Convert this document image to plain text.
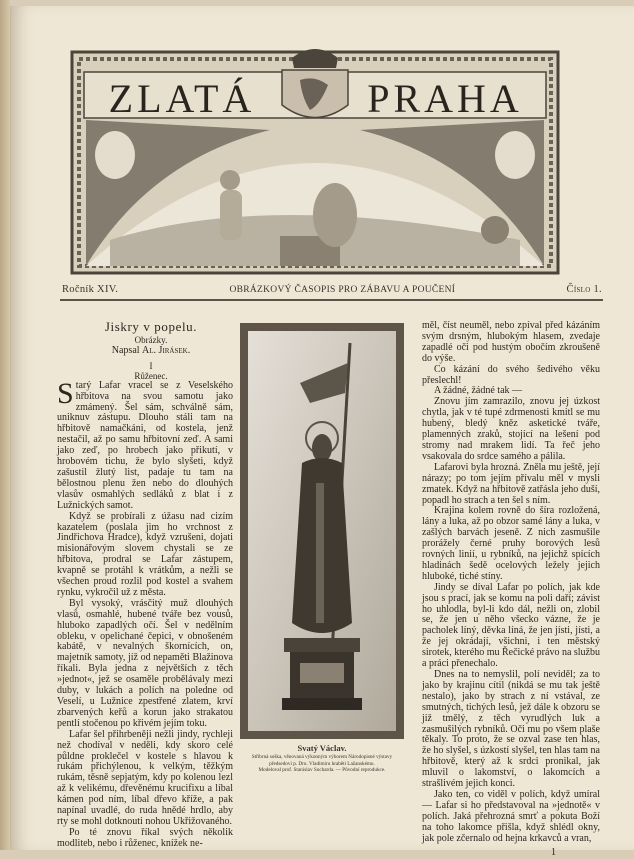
ZLATÁ	PRAHA
Ročník XIV.	OBRÁZKOVÝ ČASOPIS PRO ZÁBAVU A POUČENÍ	Číslo 1.

Jiskry v popelu.

Obrázky.

Napsal Al. Jirásek.

I

Růženec.

Starý Lafar vracel se z Veselského hřbitova na svou samotu jako zmámený. Šel sám, schválně sám, uniknuv zástupu. Dlouho stáli tam na hřbitově namačkáni, od kostela, jenž nestačil, až po samu hřbitovní zeď. A sami jako zeď, po hrobech jako přikutí, v hrobovém tichu, že bylo slyšeti, když zašustil žlutý list, padaje tu tam na bělostnou plenu žen nebo do dlouhých vlasův osmahlých sedláků z blat i z Lužnických samot.

Když se probírali z úžasu nad cizím kazatelem (poslala jim ho vrchnost z Jindřichova Hradce), když vzrušeni, dojati misionářovým slovem chystali se ze hřbitova, prodral se Lafar zástupem, kvapně se protáhl k vrátkům, a nežli se všechen proud rozlil pod kostel a svahem rynku, vykročil už z města.

Byl vysoký, vrásčitý muž dlouhých vlasů, osmahlé, hubené tváře bez vousů, hluboko zapadlých očí. Šel v nedělním obleku, v opelichané čepici, v obnošeném kabátě, v nevalných škornících, on, majetník samoty, jíž od nepaměti Blažinova říkali. Byla jedna z největších z těch »jednot«, jež se osaměle probělávaly mezi duby, v lukách a polích na poledne od Veselí, u Lužnice zpestřené zlatem, krví zbarvených keřů a korun jako strakatou pentlí stočenou po křivém jejím toku.

Lafar šel přihrbeněji nežli jindy, rychleji než chodíval v neděli, kdy skoro celé půldne proklečel v kostele s hlavou k rukám přichýlenou, k velkým, těžkým rukám, těsně sepjatým, kdy po kolenou lezl až k velikému, dřevěnému krucifixu a líbal kámen pod ním, líbal dřevo kříže, a pak napínal uvadlé, do ruda hnědé hrdlo, aby rty se mohl dotknouti nohou Ukřižovaného.

Po té znovu říkal svých několik modliteb, nebo i růženec, knížek ne-

Svatý Václav.
Stříbrná soška, věnovaná výkonným výborem Národopisné výstavy předsedovi p. Dru. Vladimíru hraběti Lažanskému.
Modeloval prof. Stanislav Sucharda. — Původní reprodukce.

měl, číst neuměl, nebo zpíval před kázáním svým drsným, hlubokým hlasem, zvedaje zapadlé oči pod hustým obočím zkroušeně do výše.

Co kázání do svého šedivého věku přeslechl!

A žádné, žádné tak —

Znovu jím zamrazilo, znovu jej úzkost chytla, jak v té tupé zdrmenosti kmitl se mu hubený, bledý kněz asketické tváře, plamenných zraků, stojící na lešení pod stromy nad mrakem lidí. Ta řeč jeho vsakovala do srdce samého a pálila.

Lafarovi byla hrozná. Zněla mu ještě, její nárazy; po tom jejím přívalu měl v mysli zmatek. Když na hřbitově zatřásla jeho duší, popadl ho strach a ten šel s ním.

Krajina kolem rovně do šíra rozložená, lány a luka, až po obzor samé lány a luka, v zašlých barvách jeseně. Z nich zasmušile prorážely černé pruhy borových lesů rovných linií, u rybníků, na jejichž spících hladinách šedě ocelových ležely jejich hluboké, tiché stíny.

Jindy se díval Lafar po polích, jak kde jsou s prací, jak se komu na poli daří; závist ho uhlodla, byl-li kdo dál, nežli on, zlobil se, že jen u něho všecko vázne, že je pacholek líný, děvka líná, že jen jísti, jísti, a že jej okrádají, všichni, i ten městský sirotek, kterého mu Řečické právo na službu a práci přenechalo.

Dnes na to nemyslil, polí neviděl; za to jako by krajinu cítil (nikdá se mu tak ještě nestalo), jako by strach z ní vstával, ze smutných, tichých lesů, jež dále k obzoru se již tmělý, z těch vyrudlých luk a zasmušilých rybníků. Oči mu po všem plaše těkaly. To proto, že se ozval zase ten hlas, že ho slyšel, s úzkostí slyšel, ten hlas tam na hřbitově, který až k srdci pronikal, jak mluvil o lakomství, o lakomcích a strašlivém jejich konci.

Jako ten, co viděl v polích, když umíral — Lafar si ho představoval na »jednotě« v polích. Jaká přehrozná smrť a pokuta Boží na toho lakomce přišla, když shlédl okny, jak pole zčernalo od hejna krkavců a vran,

1
